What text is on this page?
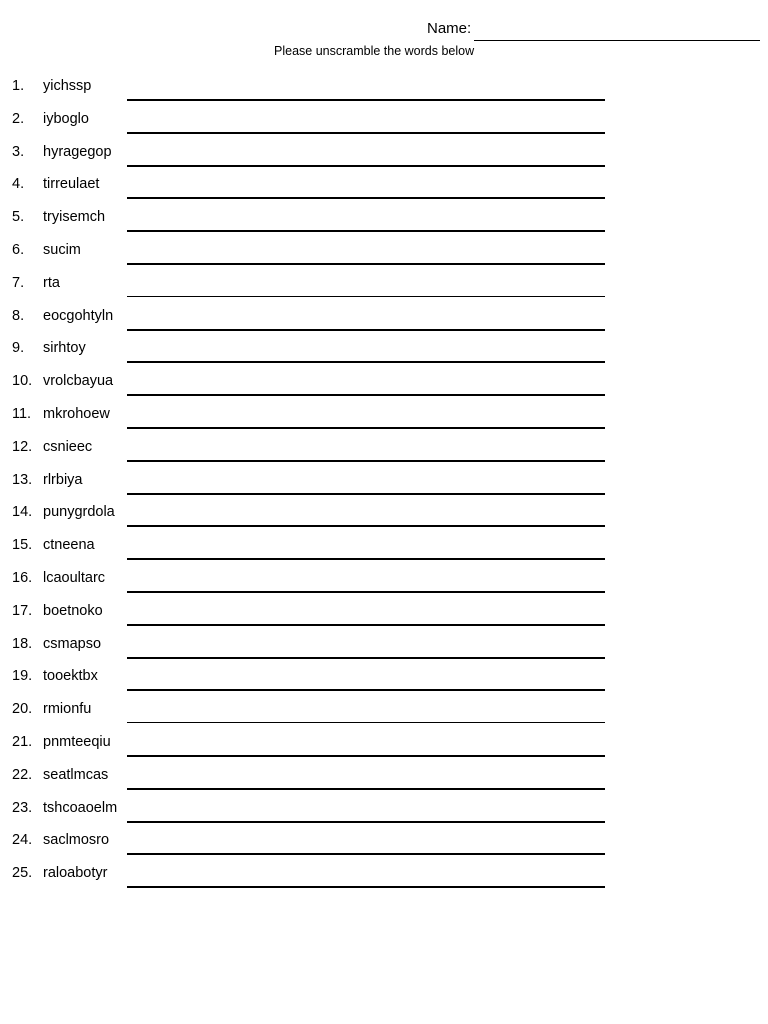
Name:
Please unscramble the words below
1. yichssp
2. iyboglo
3. hyragegop
4. tirreulaet
5. tryisemch
6. sucim
7. rta
8. eocgohtyln
9. sirhtoy
10. vrolcbayua
11. mkrohoew
12. csnieec
13. rlrbiya
14. punygrdola
15. ctneena
16. lcaoultarc
17. boetnoko
18. csmapso
19. tooektbx
20. rmionfu
21. pnmteeqiu
22. seatlmcas
23. tshcoaoelm
24. saclmosro
25. raloabotyr
